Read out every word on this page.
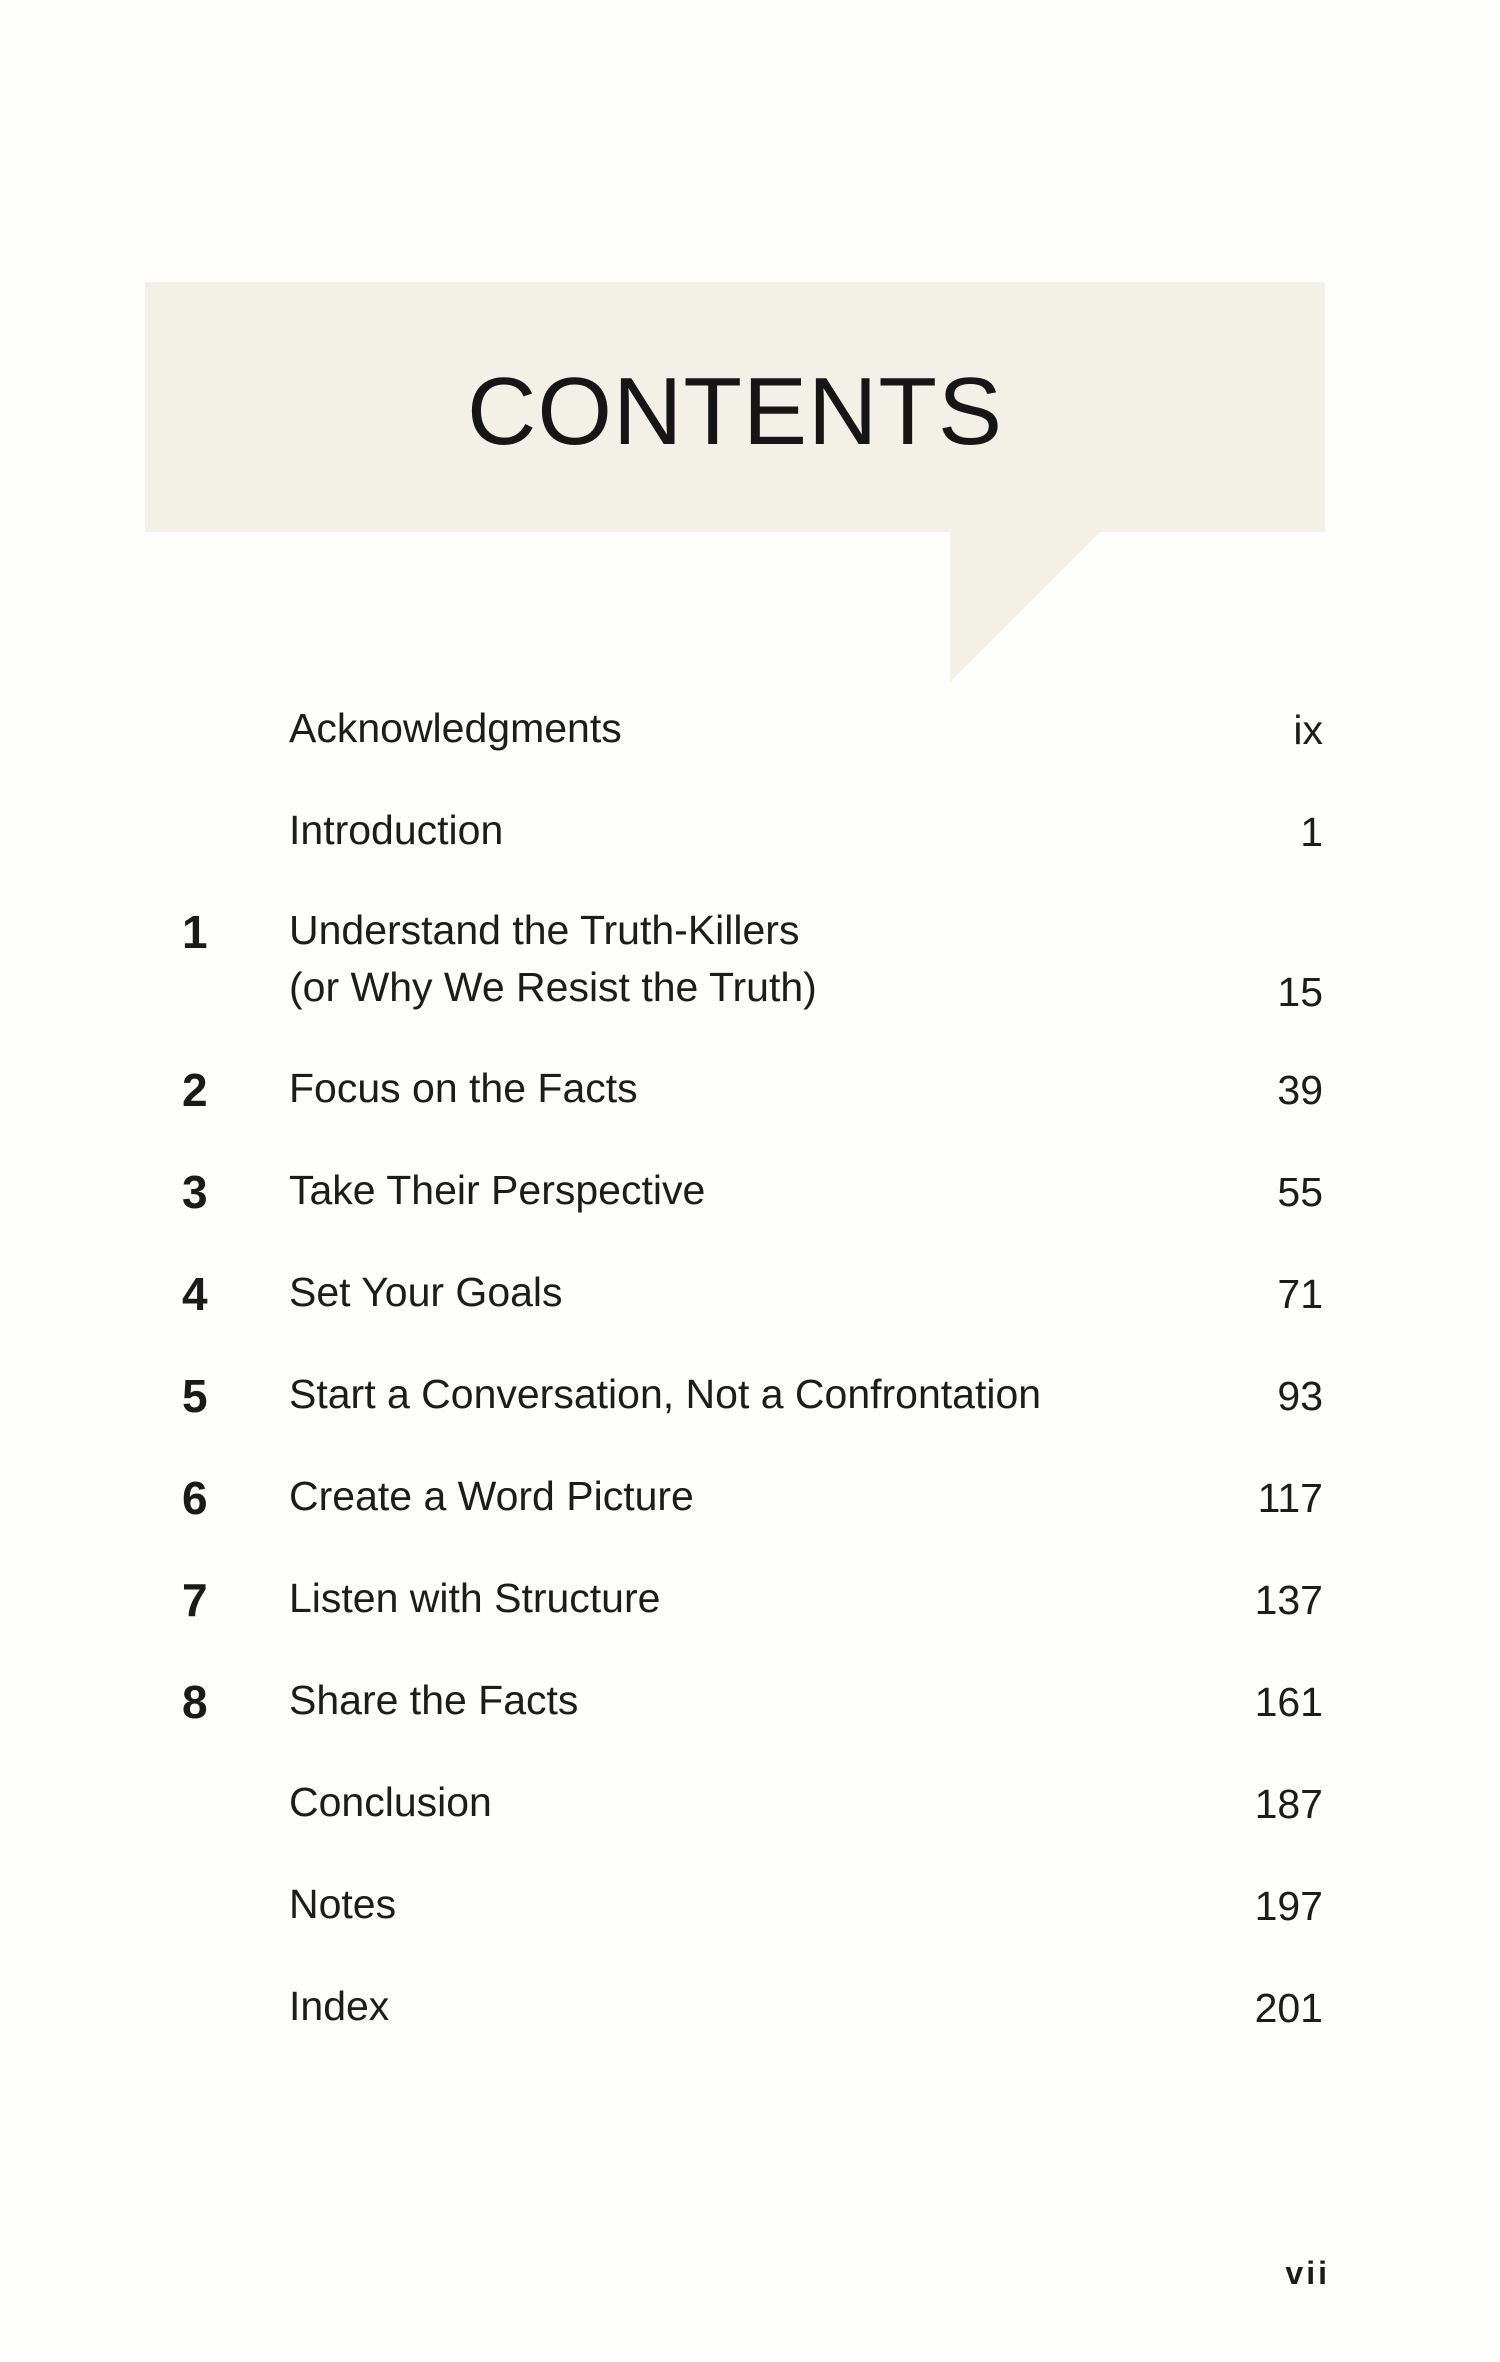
CONTENTS
Acknowledgments	ix
Introduction	1
1	Understand the Truth-Killers
(or Why We Resist the Truth)	15
2	Focus on the Facts	39
3	Take Their Perspective	55
4	Set Your Goals	71
5	Start a Conversation, Not a Confrontation	93
6	Create a Word Picture	117
7	Listen with Structure	137
8	Share the Facts	161
Conclusion	187
Notes	197
Index	201
vii
